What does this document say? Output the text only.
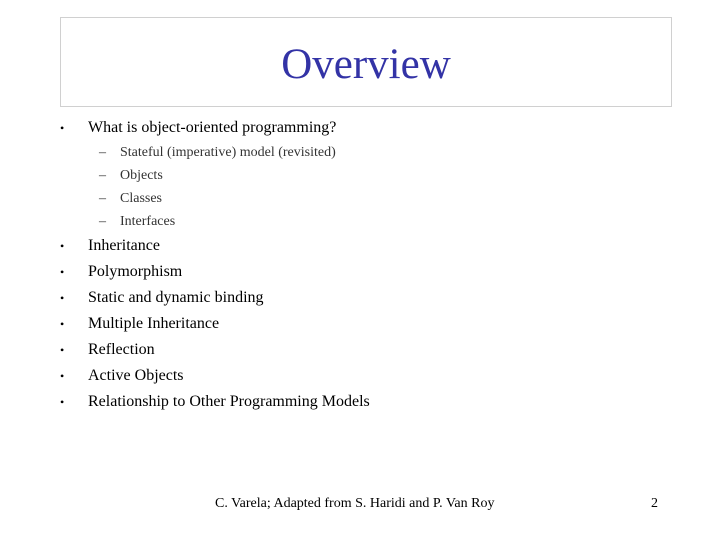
Overview
• What is object-oriented programming?
– Stateful (imperative) model (revisited)
– Objects
– Classes
– Interfaces
• Inheritance
• Polymorphism
• Static and dynamic binding
• Multiple Inheritance
• Reflection
• Active Objects
• Relationship to Other Programming Models
C. Varela; Adapted from S. Haridi and P. Van Roy	2
